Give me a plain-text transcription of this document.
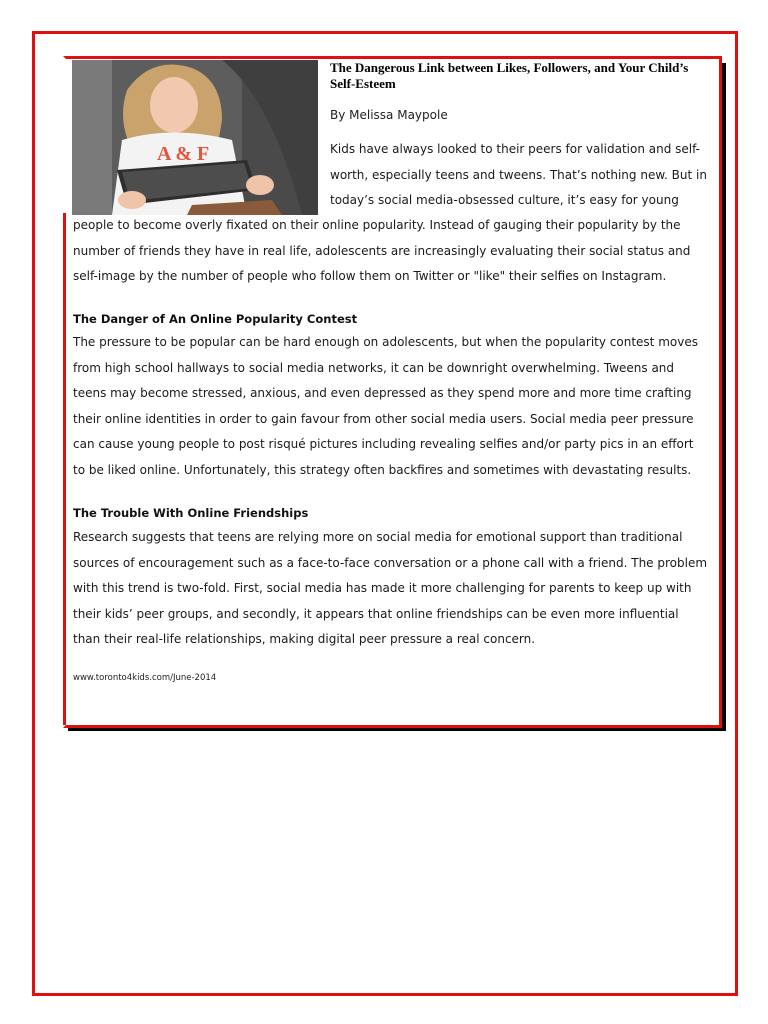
A & F
The Dangerous Link between Likes, Followers, and Your Child’s Self-Esteem
By Melissa Maypole
Kids have always looked to their peers for validation and self-worth, especially teens and tweens. That’s nothing new. But in today’s social media-obsessed culture, it’s easy for young
people to become overly fixated on their online popularity. Instead of gauging their popularity by the number of friends they have in real life, adolescents are increasingly evaluating their social status and self-image by the number of people who follow them on Twitter or "like" their selfies on Instagram.
The Danger of An Online Popularity Contest
The pressure to be popular can be hard enough on adolescents, but when the popularity contest moves from high school hallways to social media networks, it can be downright overwhelming. Tweens and teens may become stressed, anxious, and even depressed as they spend more and more time crafting their online identities in order to gain favour from other social media users. Social media peer pressure can cause young people to post risqué pictures including revealing selfies and/or party pics in an effort to be liked online. Unfortunately, this strategy often backfires and sometimes with devastating results.
The Trouble With Online Friendships
Research suggests that teens are relying more on social media for emotional support than traditional sources of encouragement such as a face-to-face conversation or a phone call with a friend. The problem with this trend is two-fold. First, social media has made it more challenging for parents to keep up with their kids’ peer groups, and secondly, it appears that online friendships can be even more influential than their real-life relationships, making digital peer pressure a real concern.
www.toronto4kids.com/June-2014
